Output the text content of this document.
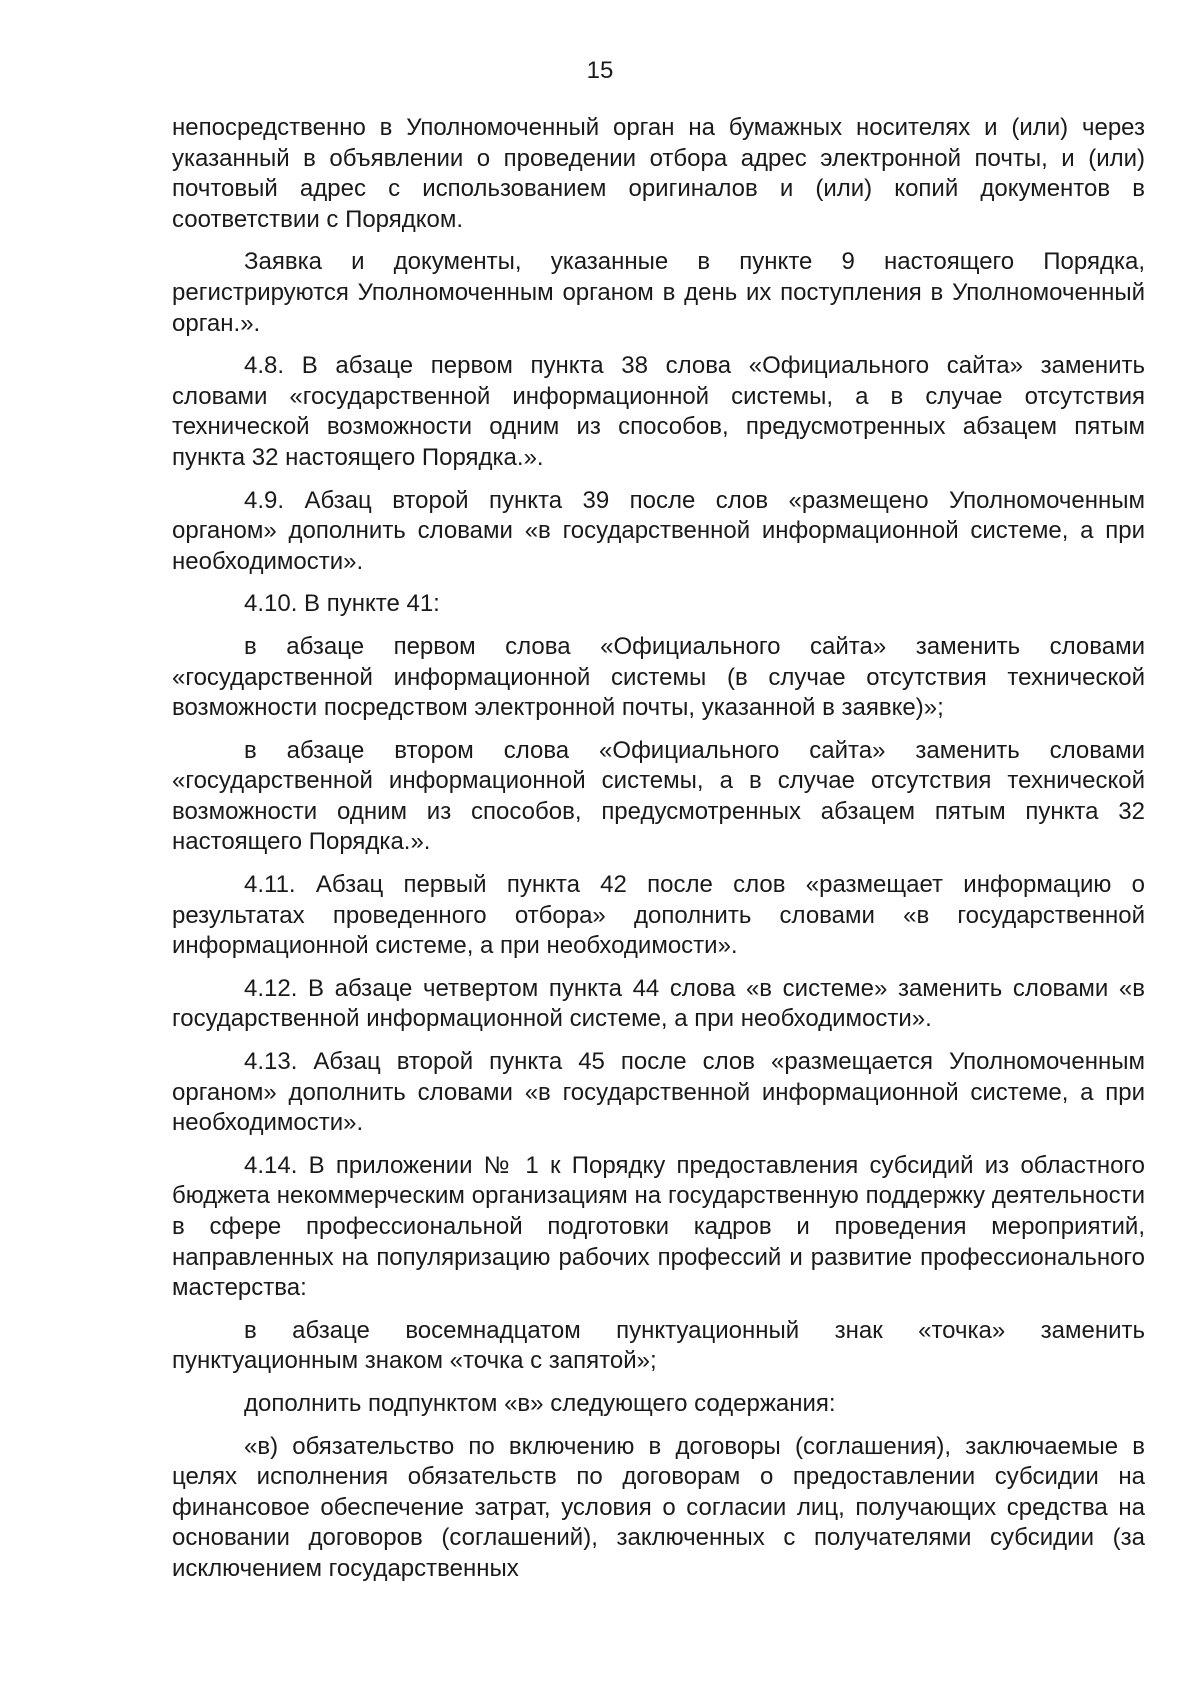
15

непосредственно в Уполномоченный орган на бумажных носителях и (или) через указанный в объявлении о проведении отбора адрес электронной почты, и (или) почтовый адрес с использованием оригиналов и (или) копий документов в соответствии с Порядком.

Заявка и документы, указанные в пункте 9 настоящего Порядка, регистрируются Уполномоченным органом в день их поступления в Уполномоченный орган.».

4.8. В абзаце первом пункта 38 слова «Официального сайта» заменить словами «государственной информационной системы, а в случае отсутствия технической возможности одним из способов, предусмотренных абзацем пятым пункта 32 настоящего Порядка.».

4.9. Абзац второй пункта 39 после слов «размещено Уполномоченным органом» дополнить словами «в государственной информационной системе, а при необходимости».

4.10. В пункте 41:

в абзаце первом слова «Официального сайта» заменить словами «государственной информационной системы (в случае отсутствия технической возможности посредством электронной почты, указанной в заявке)»;

в абзаце втором слова «Официального сайта» заменить словами «государственной информационной системы, а в случае отсутствия технической возможности одним из способов, предусмотренных абзацем пятым пункта 32 настоящего Порядка.».

4.11. Абзац первый пункта 42 после слов «размещает информацию о результатах проведенного отбора» дополнить словами «в государственной информационной системе, а при необходимости».

4.12. В абзаце четвертом пункта 44 слова «в системе» заменить словами «в государственной информационной системе, а при необходимости».

4.13. Абзац второй пункта 45 после слов «размещается Уполномоченным органом» дополнить словами «в государственной информационной системе, а при необходимости».

4.14. В приложении № 1 к Порядку предоставления субсидий из областного бюджета некоммерческим организациям на государственную поддержку деятельности в сфере профессиональной подготовки кадров и проведения мероприятий, направленных на популяризацию рабочих профессий и развитие профессионального мастерства:

в абзаце восемнадцатом пунктуационный знак «точка» заменить пунктуационным знаком «точка с запятой»;

дополнить подпунктом «в» следующего содержания:

«в) обязательство по включению в договоры (соглашения), заключаемые в целях исполнения обязательств по договорам о предоставлении субсидии на финансовое обеспечение затрат, условия о согласии лиц, получающих средства на основании договоров (соглашений), заключенных с получателями субсидии (за исключением государственных
